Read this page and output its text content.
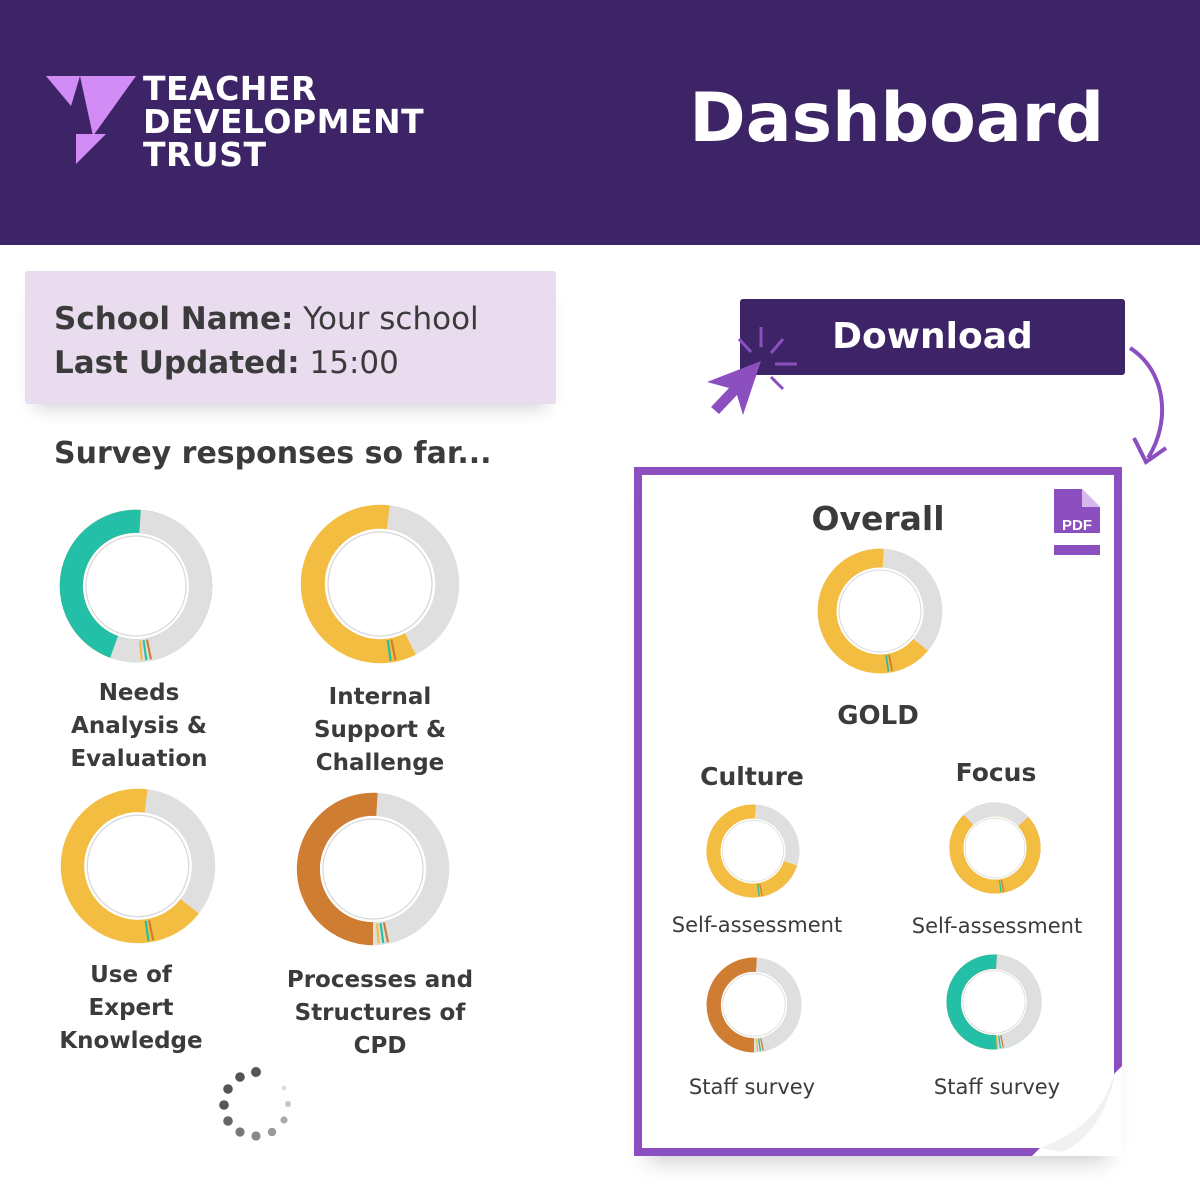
TEACHER
DEVELOPMENT
TRUST	Dashboard
School Name: Your school
Last Updated: 15:00
Survey responses so far...
Needs
Analysis &
Evaluation
Internal
Support &
Challenge
Use of
Expert
Knowledge
Processes and
Structures of
CPD
Download
Overall	PDF
GOLD
Culture	Focus
Self-assessment	Self-assessment
Staff survey	Staff survey
